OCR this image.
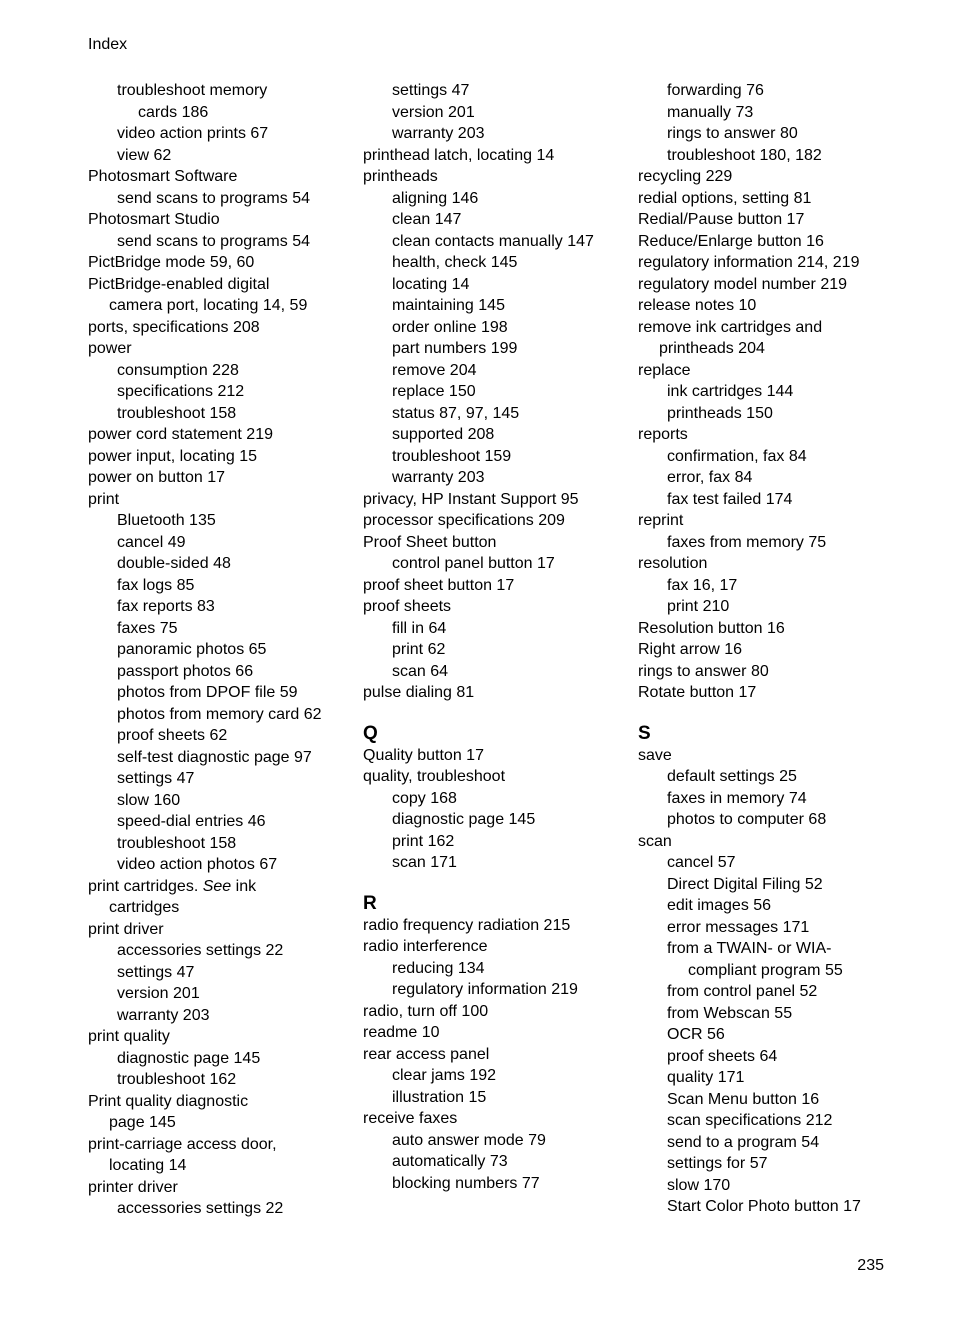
Index
troubleshoot memory
cards 186
video action prints 67
view 62
Photosmart Software
send scans to programs 54
Photosmart Studio
send scans to programs 54
PictBridge mode 59, 60
PictBridge-enabled digital
camera port, locating 14, 59
ports, specifications 208
power
consumption 228
specifications 212
troubleshoot 158
power cord statement 219
power input, locating 15
power on button 17
print
Bluetooth 135
cancel 49
double-sided 48
fax logs 85
fax reports 83
faxes 75
panoramic photos 65
passport photos 66
photos from DPOF file 59
photos from memory card 62
proof sheets 62
self-test diagnostic page 97
settings 47
slow 160
speed-dial entries 46
troubleshoot 158
video action photos 67
print cartridges. See ink
cartridges
print driver
accessories settings 22
settings 47
version 201
warranty 203
print quality
diagnostic page 145
troubleshoot 162
Print quality diagnostic
page 145
print-carriage access door,
locating 14
printer driver
accessories settings 22
settings 47
version 201
warranty 203
printhead latch, locating 14
printheads
aligning 146
clean 147
clean contacts manually 147
health, check 145
locating 14
maintaining 145
order online 198
part numbers 199
remove 204
replace 150
status 87, 97, 145
supported 208
troubleshoot 159
warranty 203
privacy, HP Instant Support 95
processor specifications 209
Proof Sheet button
control panel button 17
proof sheet button 17
proof sheets
fill in 64
print 62
scan 64
pulse dialing 81
Q
Quality button 17
quality, troubleshoot
copy 168
diagnostic page 145
print 162
scan 171
R
radio frequency radiation 215
radio interference
reducing 134
regulatory information 219
radio, turn off 100
readme 10
rear access panel
clear jams 192
illustration 15
receive faxes
auto answer mode 79
automatically 73
blocking numbers 77
forwarding 76
manually 73
rings to answer 80
troubleshoot 180, 182
recycling 229
redial options, setting 81
Redial/Pause button 17
Reduce/Enlarge button 16
regulatory information 214, 219
regulatory model number 219
release notes 10
remove ink cartridges and
printheads 204
replace
ink cartridges 144
printheads 150
reports
confirmation, fax 84
error, fax 84
fax test failed 174
reprint
faxes from memory 75
resolution
fax 16, 17
print 210
Resolution button 16
Right arrow 16
rings to answer 80
Rotate button 17
S
save
default settings 25
faxes in memory 74
photos to computer 68
scan
cancel 57
Direct Digital Filing 52
edit images 56
error messages 171
from a TWAIN- or WIA-
compliant program 55
from control panel 52
from Webscan 55
OCR 56
proof sheets 64
quality 171
Scan Menu button 16
scan specifications 212
send to a program 54
settings for 57
slow 170
Start Color Photo button 17
235
